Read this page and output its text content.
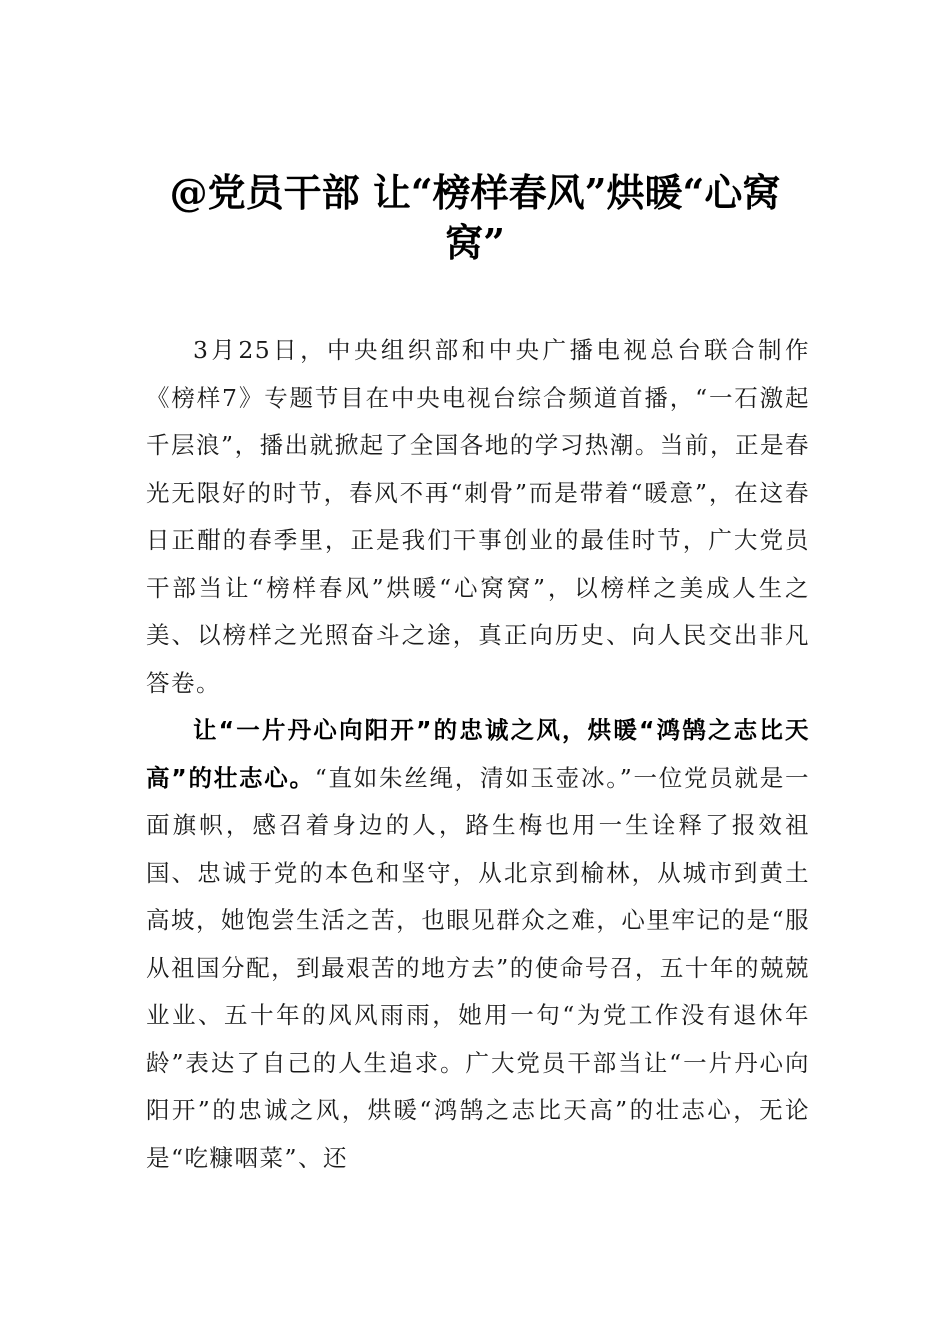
@党员干部 让“榜样春风”烘暖“心窝窝”

3月25日，中央组织部和中央广播电视总台联合制作《榜样7》专题节目在中央电视台综合频道首播，“一石激起千层浪”，播出就掀起了全国各地的学习热潮。当前，正是春光无限好的时节，春风不再“刺骨”而是带着“暖意”，在这春日正酣的春季里，正是我们干事创业的最佳时节，广大党员干部当让“榜样春风”烘暖“心窝窝”，以榜样之美成人生之美、以榜样之光照奋斗之途，真正向历史、向人民交出非凡答卷。

让“一片丹心向阳开”的忠诚之风，烘暖“鸿鹄之志比天高”的壮志心。“直如朱丝绳，清如玉壶冰。”一位党员就是一面旗帜，感召着身边的人，路生梅也用一生诠释了报效祖国、忠诚于党的本色和坚守，从北京到榆林，从城市到黄土高坡，她饱尝生活之苦，也眼见群众之难，心里牢记的是“服从祖国分配，到最艰苦的地方去”的使命号召，五十年的兢兢业业、五十年的风风雨雨，她用一句“为党工作没有退休年龄”表达了自己的人生追求。广大党员干部当让“一片丹心向阳开”的忠诚之风，烘暖“鸿鹄之志比天高”的壮志心，无论是“吃糠咽菜”、还
